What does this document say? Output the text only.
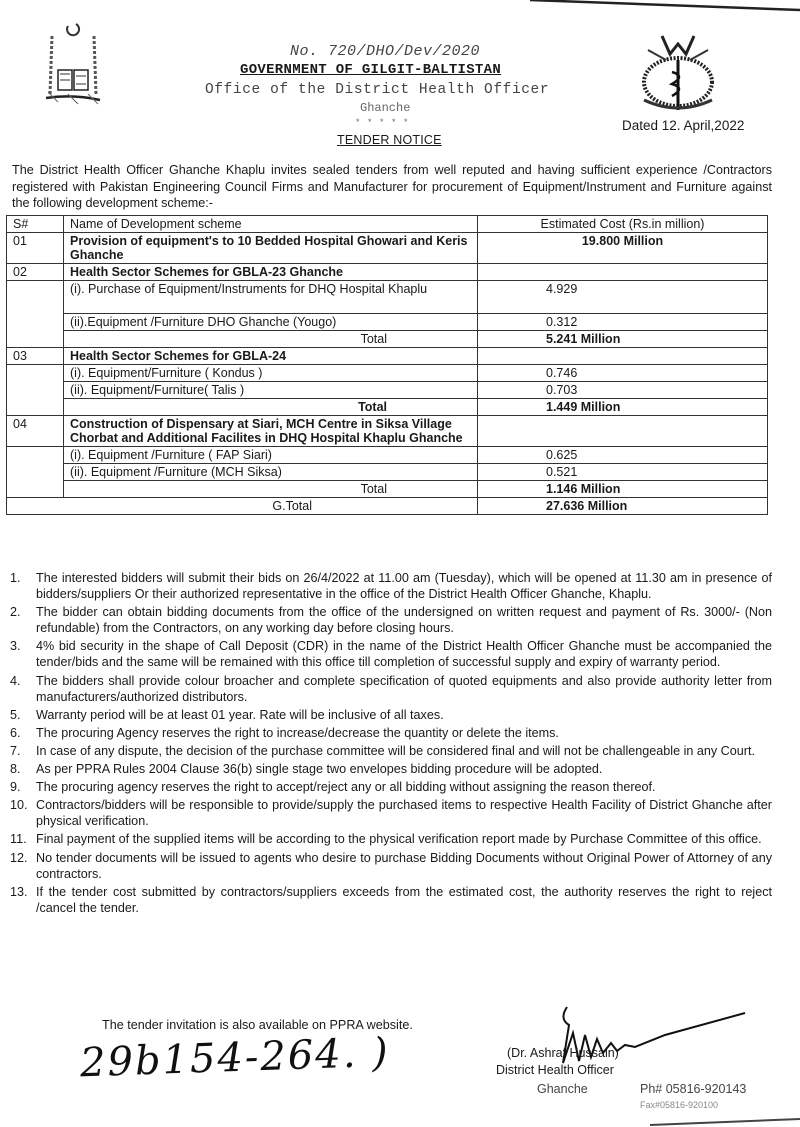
No. 720/DHO/Dev/2020
GOVERNMENT OF GILGIT-BALTISTAN
Office of the District Health Officer
Ghanche
* * * * *
TENDER NOTICE
Dated 12. April,2022

The District Health Officer Ghanche Khaplu invites sealed tenders from well reputed and having sufficient experience /Contractors registered with Pakistan Engineering Council Firms and Manufacturer for procurement of Equipment/Instrument and Furniture against the following development scheme:-

S#	Name of Development scheme	Estimated Cost (Rs.in million)
01	Provision of equipment's to 10 Bedded Hospital Ghowari and Keris Ghanche	19.800 Million
02	Health Sector Schemes for GBLA-23 Ghanche	
	(i). Purchase of Equipment/Instruments for DHQ Hospital Khaplu	4.929
	(ii).Equipment /Furniture DHO Ghanche (Yougo)	0.312
	Total	5.241 Million
03	Health Sector Schemes for GBLA-24	
	(i). Equipment/Furniture ( Kondus )	0.746
	(ii). Equipment/Furniture( Talis )	0.703
	Total	1.449 Million
04	Construction of Dispensary at Siari, MCH Centre in Siksa Village Chorbat and Additional Facilites in DHQ Hospital Khaplu Ghanche	
	(i). Equipment /Furniture ( FAP Siari)	0.625
	(ii). Equipment /Furniture (MCH Siksa)	0.521
	Total	1.146 Million
G.Total		27.636 Million
1. The interested bidders will submit their bids on 26/4/2022 at 11.00 am (Tuesday), which will be opened at 11.30 am in presence of bidders/suppliers Or their authorized representative in the office of the District Health Officer Ghanche, Khaplu.
2. The bidder can obtain bidding documents from the office of the undersigned on written request and payment of Rs. 3000/- (Non refundable) from the Contractors, on any working day before closing hours.
3. 4% bid security in the shape of Call Deposit (CDR) in the name of the District Health Officer Ghanche must be accompanied the tender/bids and the same will be remained with this office till completion of successful supply and expiry of warranty period.
4. The bidders shall provide colour broacher and complete specification of quoted equipments and also provide authority letter from manufacturers/authorized distributors.
5. Warranty period will be at least 01 year. Rate will be inclusive of all taxes.
6. The procuring Agency reserves the right to increase/decrease the quantity or delete the items.
7. In case of any dispute, the decision of the purchase committee will be considered final and will not be challengeable in any Court.
8. As per PPRA Rules 2004 Clause 36(b) single stage two envelopes bidding procedure will be adopted.
9. The procuring agency reserves the right to accept/reject any or all bidding without assigning the reason thereof.
10. Contractors/bidders will be responsible to provide/supply the purchased items to respective Health Facility of District Ghanche after physical verification.
11. Final payment of the supplied items will be according to the physical verification report made by Purchase Committee of this office.
12. No tender documents will be issued to agents who desire to purchase Bidding Documents without Original Power of Attorney of any contractors.
13. If the tender cost submitted by contractors/suppliers exceeds from the estimated cost, the authority reserves the right to reject /cancel the tender.
The tender invitation is also available on PPRA website.
29b154-264. )	(Dr. Ashraf Hussain)
District Health Officer
Ghanche	Ph# 05816-920143
Fax#05816-920100
